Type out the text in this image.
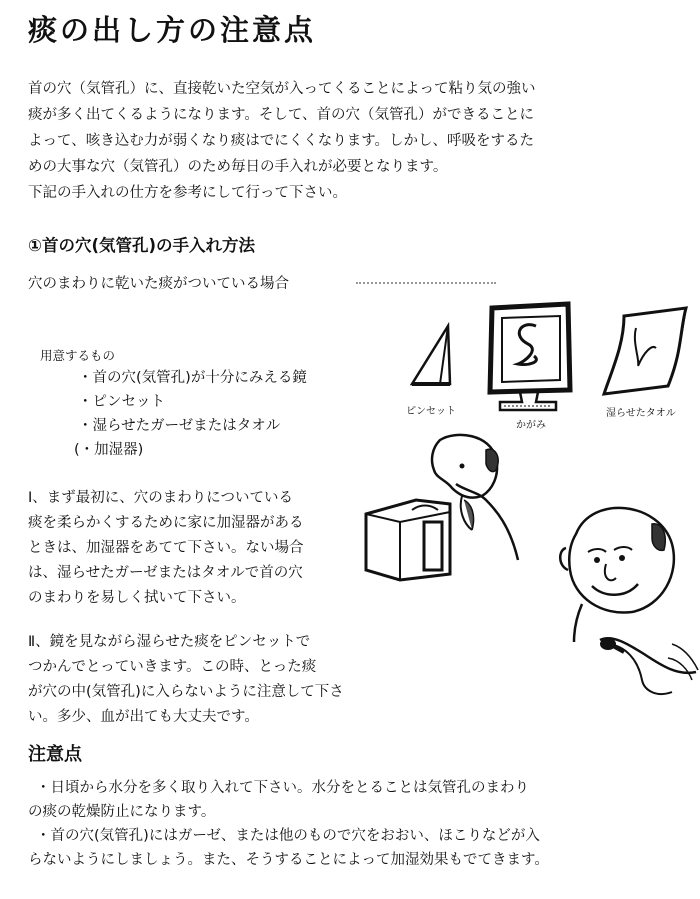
痰の出し方の注意点
首の穴（気管孔）に、直接乾いた空気が入ってくることによって粘り気の強い
痰が多く出てくるようになります。そして、首の穴（気管孔）ができることに
よって、咳き込む力が弱くなり痰はでにくくなります。しかし、呼吸をするた
めの大事な穴（気管孔）のため毎日の手入れが必要となります。
下記の手入れの仕方を参考にして行って下さい。
①首の穴(気管孔)の手入れ方法
穴のまわりに乾いた痰がついている場合
用意するもの
・首の穴(気管孔)が十分にみえる鏡
・ピンセット
・湿らせたガーゼまたはタオル
(・加湿器)
ピンセット
かがみ
湿らせたタオル
Ⅰ、まず最初に、穴のまわりについている
痰を柔らかくするために家に加湿器がある
ときは、加湿器をあてて下さい。ない場合
は、湿らせたガーゼまたはタオルで首の穴
のまわりを易しく拭いて下さい。
Ⅱ、鏡を見ながら湿らせた痰をピンセットで
つかんでとっていきます。この時、とった痰
が穴の中(気管孔)に入らないように注意して下さ
い。多少、血が出ても大丈夫です。
注意点
・日頃から水分を多く取り入れて下さい。水分をとることは気管孔のまわり
の痰の乾燥防止になります。
・首の穴(気管孔)にはガーゼ、または他のもので穴をおおい、ほこりなどが入
らないようにしましょう。また、そうすることによって加湿効果もでてきます。
